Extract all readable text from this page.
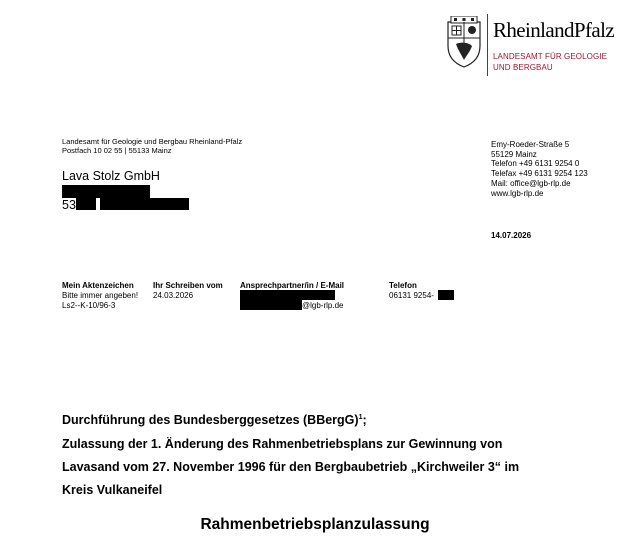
RheinlandPfalz
LANDESAMT FÜR GEOLOGIE
UND BERGBAU
Landesamt für Geologie und Bergbau Rheinland-Pfalz
Postfach 10 02 55 | 55133 Mainz
Lava Stolz GmbH
53
Emy-Roeder-Straße 5
55129 Mainz
Telefon +49 6131 9254 0
Telefax +49 6131 9254 123
Mail: office@lgb-rlp.de
www.lgb-rlp.de
14.07.2026
Mein Aktenzeichen
Bitte immer angeben!
Ls2--K-10/96-3
Ihr Schreiben vom
24.03.2026
Ansprechpartner/in / E-Mail
@lgb-rlp.de
Telefon
06131 9254-
Durchführung des Bundesberggesetzes (BBergG)$^1$;
Zulassung der 1. Änderung des Rahmenbetriebsplans zur Gewinnung von
Lavasand vom 27. November 1996 für den Bergbaubetrieb „Kirchweiler 3“ im
Kreis Vulkaneifel
Rahmenbetriebsplanzulassung
